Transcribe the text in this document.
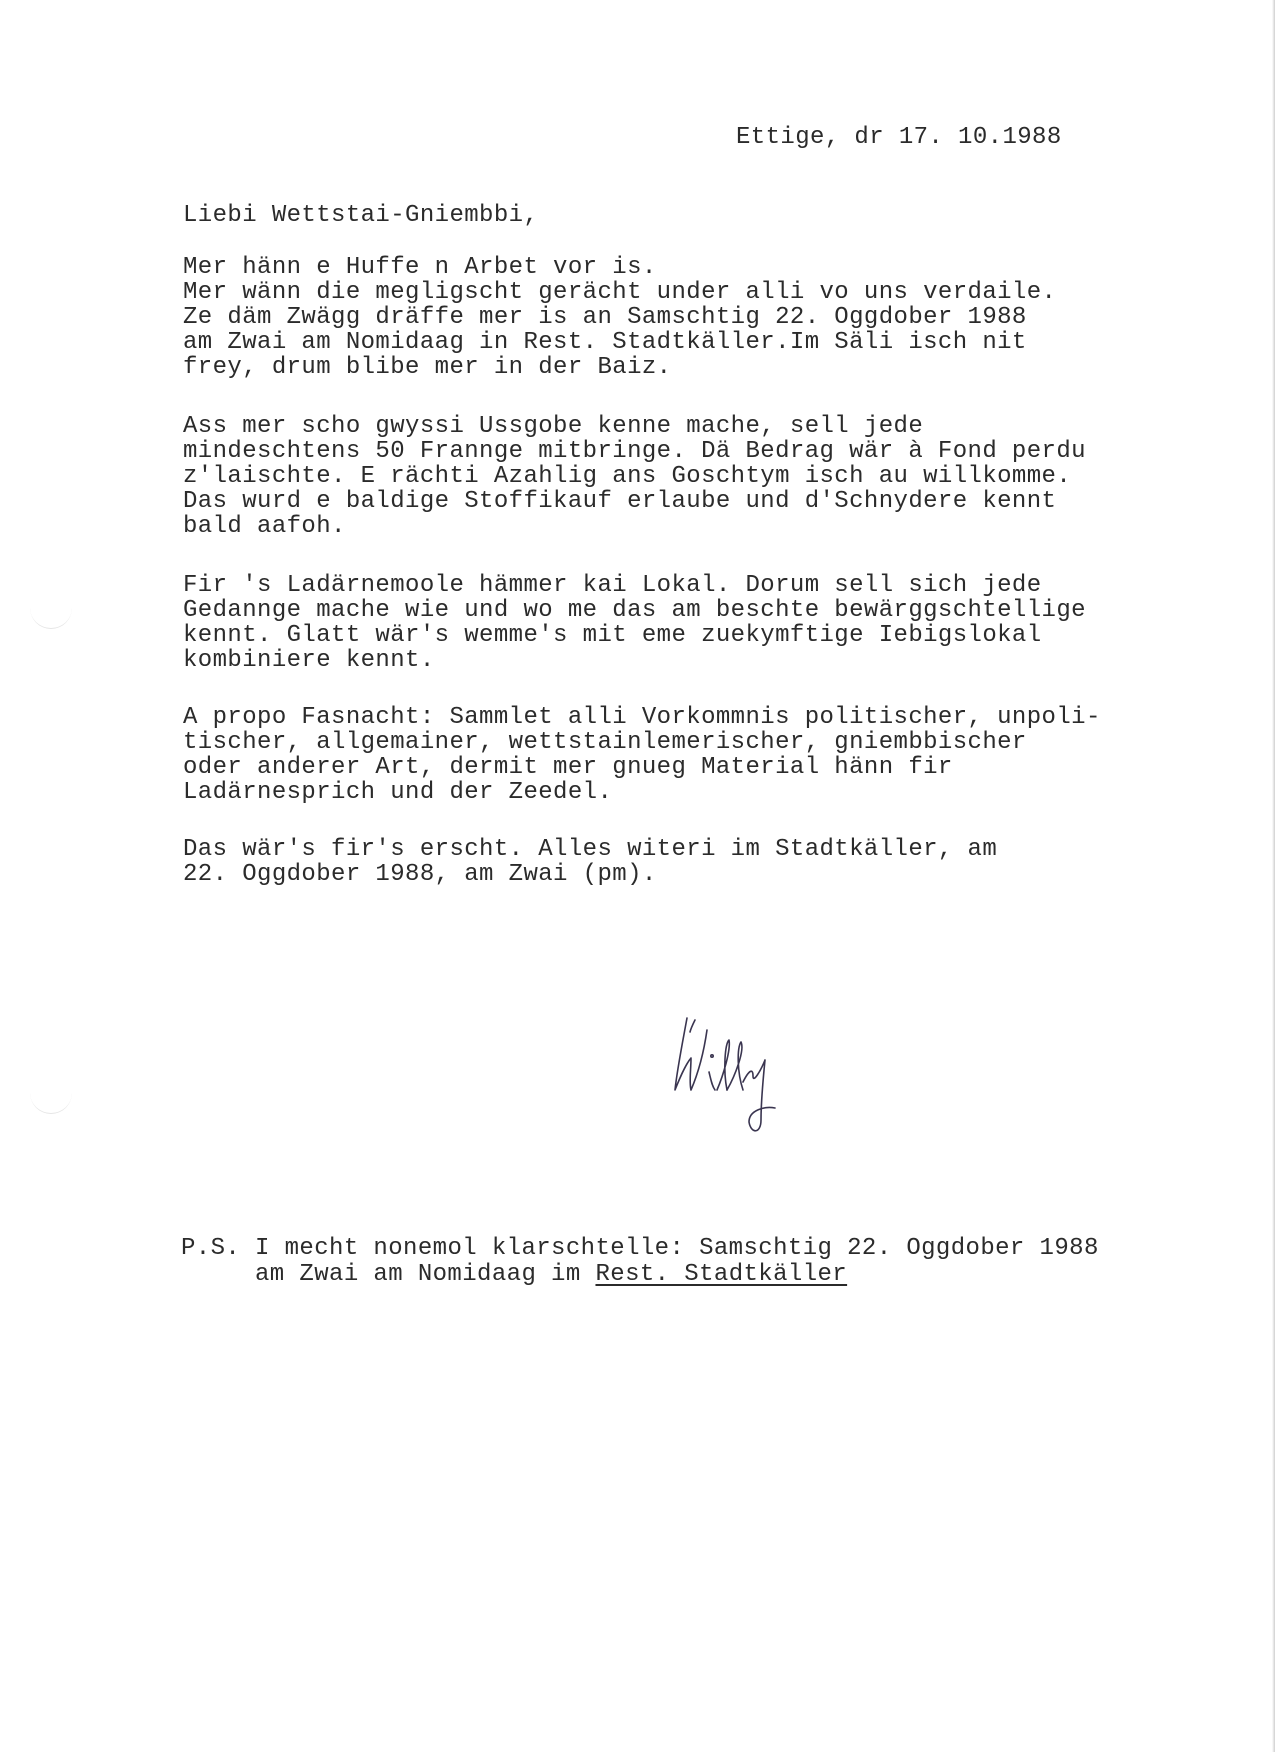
Ettige, dr 17. 10.1988
Liebi Wettstai-Gniembbi,
Mer hänn e Huffe n Arbet vor is.
Mer wänn die megligscht gerächt under alli vo uns verdaile.
Ze däm Zwägg dräffe mer is an Samschtig 22. Oggdober 1988
am Zwai am Nomidaag in Rest. Stadtkäller.Im Säli isch nit
frey, drum blibe mer in der Baiz.
Ass mer scho gwyssi Ussgobe kenne mache, sell jede
mindeschtens 50 Frannge mitbringe. Dä Bedrag wär à Fond perdu
z'laischte. E rächti Azahlig ans Goschtym isch au willkomme.
Das wurd e baldige Stoffikauf erlaube und d'Schnydere kennt
bald aafoh.
Fir 's Ladärnemoole hämmer kai Lokal. Dorum sell sich jede
Gedannge mache wie und wo me das am beschte bewärggschtellige
kennt. Glatt wär's wemme's mit eme zuekymftige Iebigslokal
kombiniere kennt.
A propo Fasnacht: Sammlet alli Vorkommnis politischer, unpoli-
tischer, allgemainer, wettstainlemerischer, gniembbischer
oder anderer Art, dermit mer gnueg Material hänn fir
Ladärnesprich und der Zeedel.
Das wär's fir's erscht. Alles witeri im Stadtkäller, am
22. Oggdober 1988, am Zwai (pm).
P.S. I mecht nonemol klarschtelle: Samschtig 22. Oggdober 1988
am Zwai am Nomidaag im Rest. Stadtkäller
